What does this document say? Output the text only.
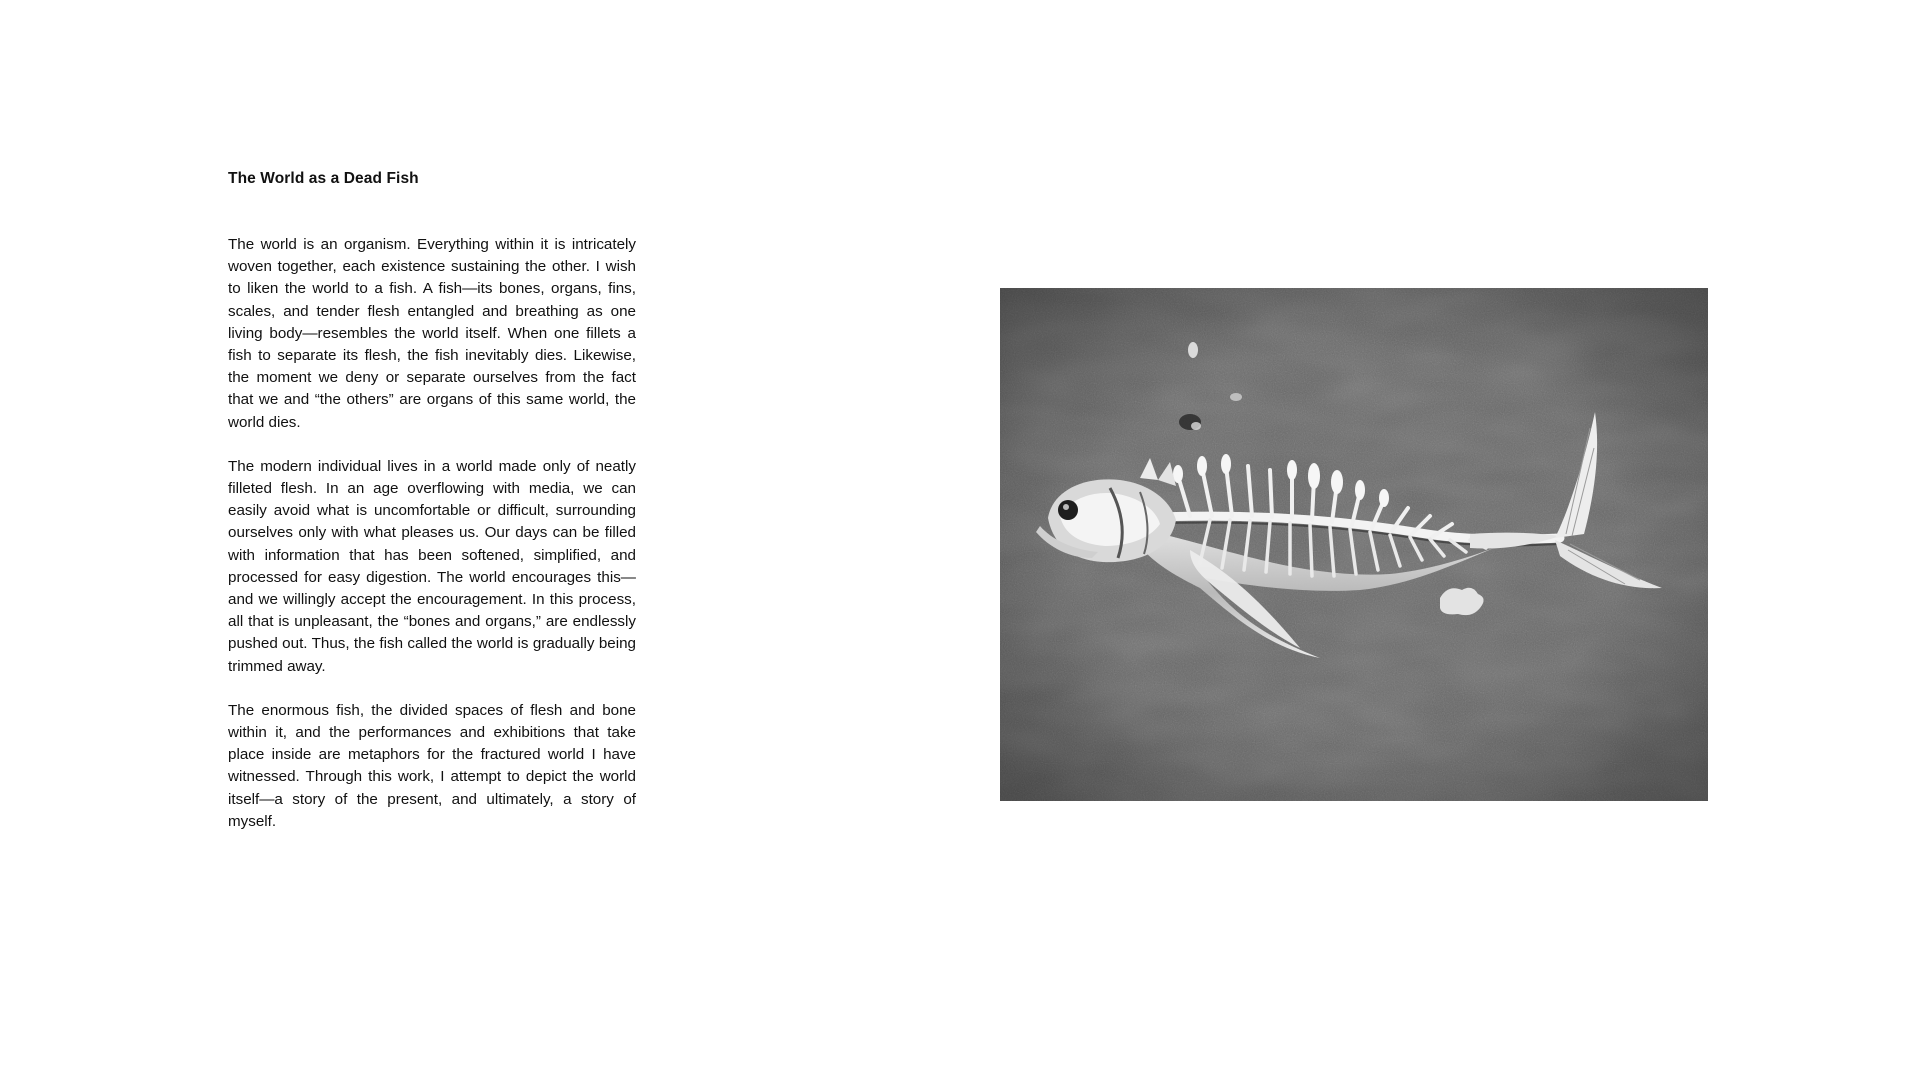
The World as a Dead Fish

The world is an organism. Everything within it is intricately woven together, each existence sustaining the other. I wish to liken the world to a fish. A fish—its bones, organs, fins, scales, and tender flesh entangled and breathing as one living body—resembles the world itself. When one fillets a fish to separate its flesh, the fish inevitably dies. Likewise, the moment we deny or separate ourselves from the fact that we and “the others” are organs of this same world, the world dies.

The modern individual lives in a world made only of neatly filleted flesh. In an age overflowing with media, we can easily avoid what is uncomfortable or difficult, surrounding ourselves only with what pleases us. Our days can be filled with information that has been softened, simplified, and processed for easy digestion. The world encourages this—and we willingly accept the encouragement. In this process, all that is unpleasant, the “bones and organs,” are endlessly pushed out. Thus, the fish called the world is gradually being trimmed away.

The enormous fish, the divided spaces of flesh and bone within it, and the performances and exhibitions that take place inside are metaphors for the fractured world I have witnessed. Through this work, I attempt to depict the world itself—a story of the present, and ultimately, a story of myself.
